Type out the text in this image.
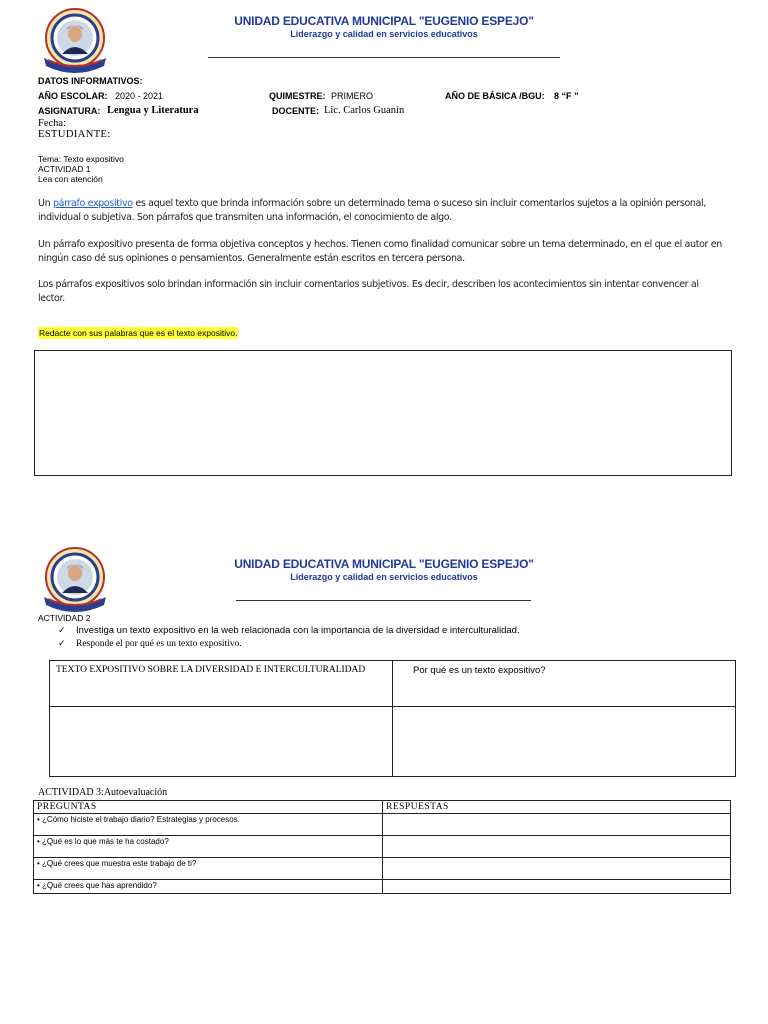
UNIDAD EDUCATIVA MUNICIPAL "EUGENIO ESPEJO"
Liderazgo y calidad en servicios educativos
DATOS INFORMATIVOS:
AÑO ESCOLAR: 2020 - 2021	QUIMESTRE: PRIMERO	AÑO DE BÁSICA /BGU: 8 “F ”
ASIGNATURA: Lengua y Literatura	DOCENTE: Lic. Carlos Guanín
Fecha:
ESTUDIANTE:
Tema: Texto expositivo
ACTIVIDAD 1
Lea con atención
Un párrafo expositivo es aquel texto que brinda información sobre un determinado tema o suceso sin incluir comentarios sujetos a la opinión personal, individual o subjetiva. Son párrafos que transmiten una información, el conocimiento de algo.
Un párrafo expositivo presenta de forma objetiva conceptos y hechos. Tienen como finalidad comunicar sobre un tema determinado, en el que el autor en ningún caso dé sus opiniones o pensamientos. Generalmente están escritos en tercera persona.
Los párrafos expositivos solo brindan información sin incluir comentarios subjetivos. Es decir, describen los acontecimientos sin intentar convencer al lector.
Redacte con sus palabras que es el texto expositivo.
UNIDAD EDUCATIVA MUNICIPAL "EUGENIO ESPEJO"
Liderazgo y calidad en servicios educativos
ACTIVIDAD 2
✓ Investiga un texto expositivo en la web relacionada con la importancia de la diversidad e interculturalidad.
✓ Responde el por qué es un texto expositivo.
TEXTO EXPOSITIVO SOBRE LA DIVERSIDAD E INTERCULTURALIDAD	Por qué es un texto expositivo?

ACTIVIDAD 3:Autoevaluación
PREGUNTAS	RESPUESTAS
• ¿Cómo hiciste el trabajo diario? Estrategias y procesos.	
• ¿Qué es lo que más te ha costado?	
• ¿Qué crees que muestra este trabajo de ti?	
• ¿Qué crees que has aprendido?	
